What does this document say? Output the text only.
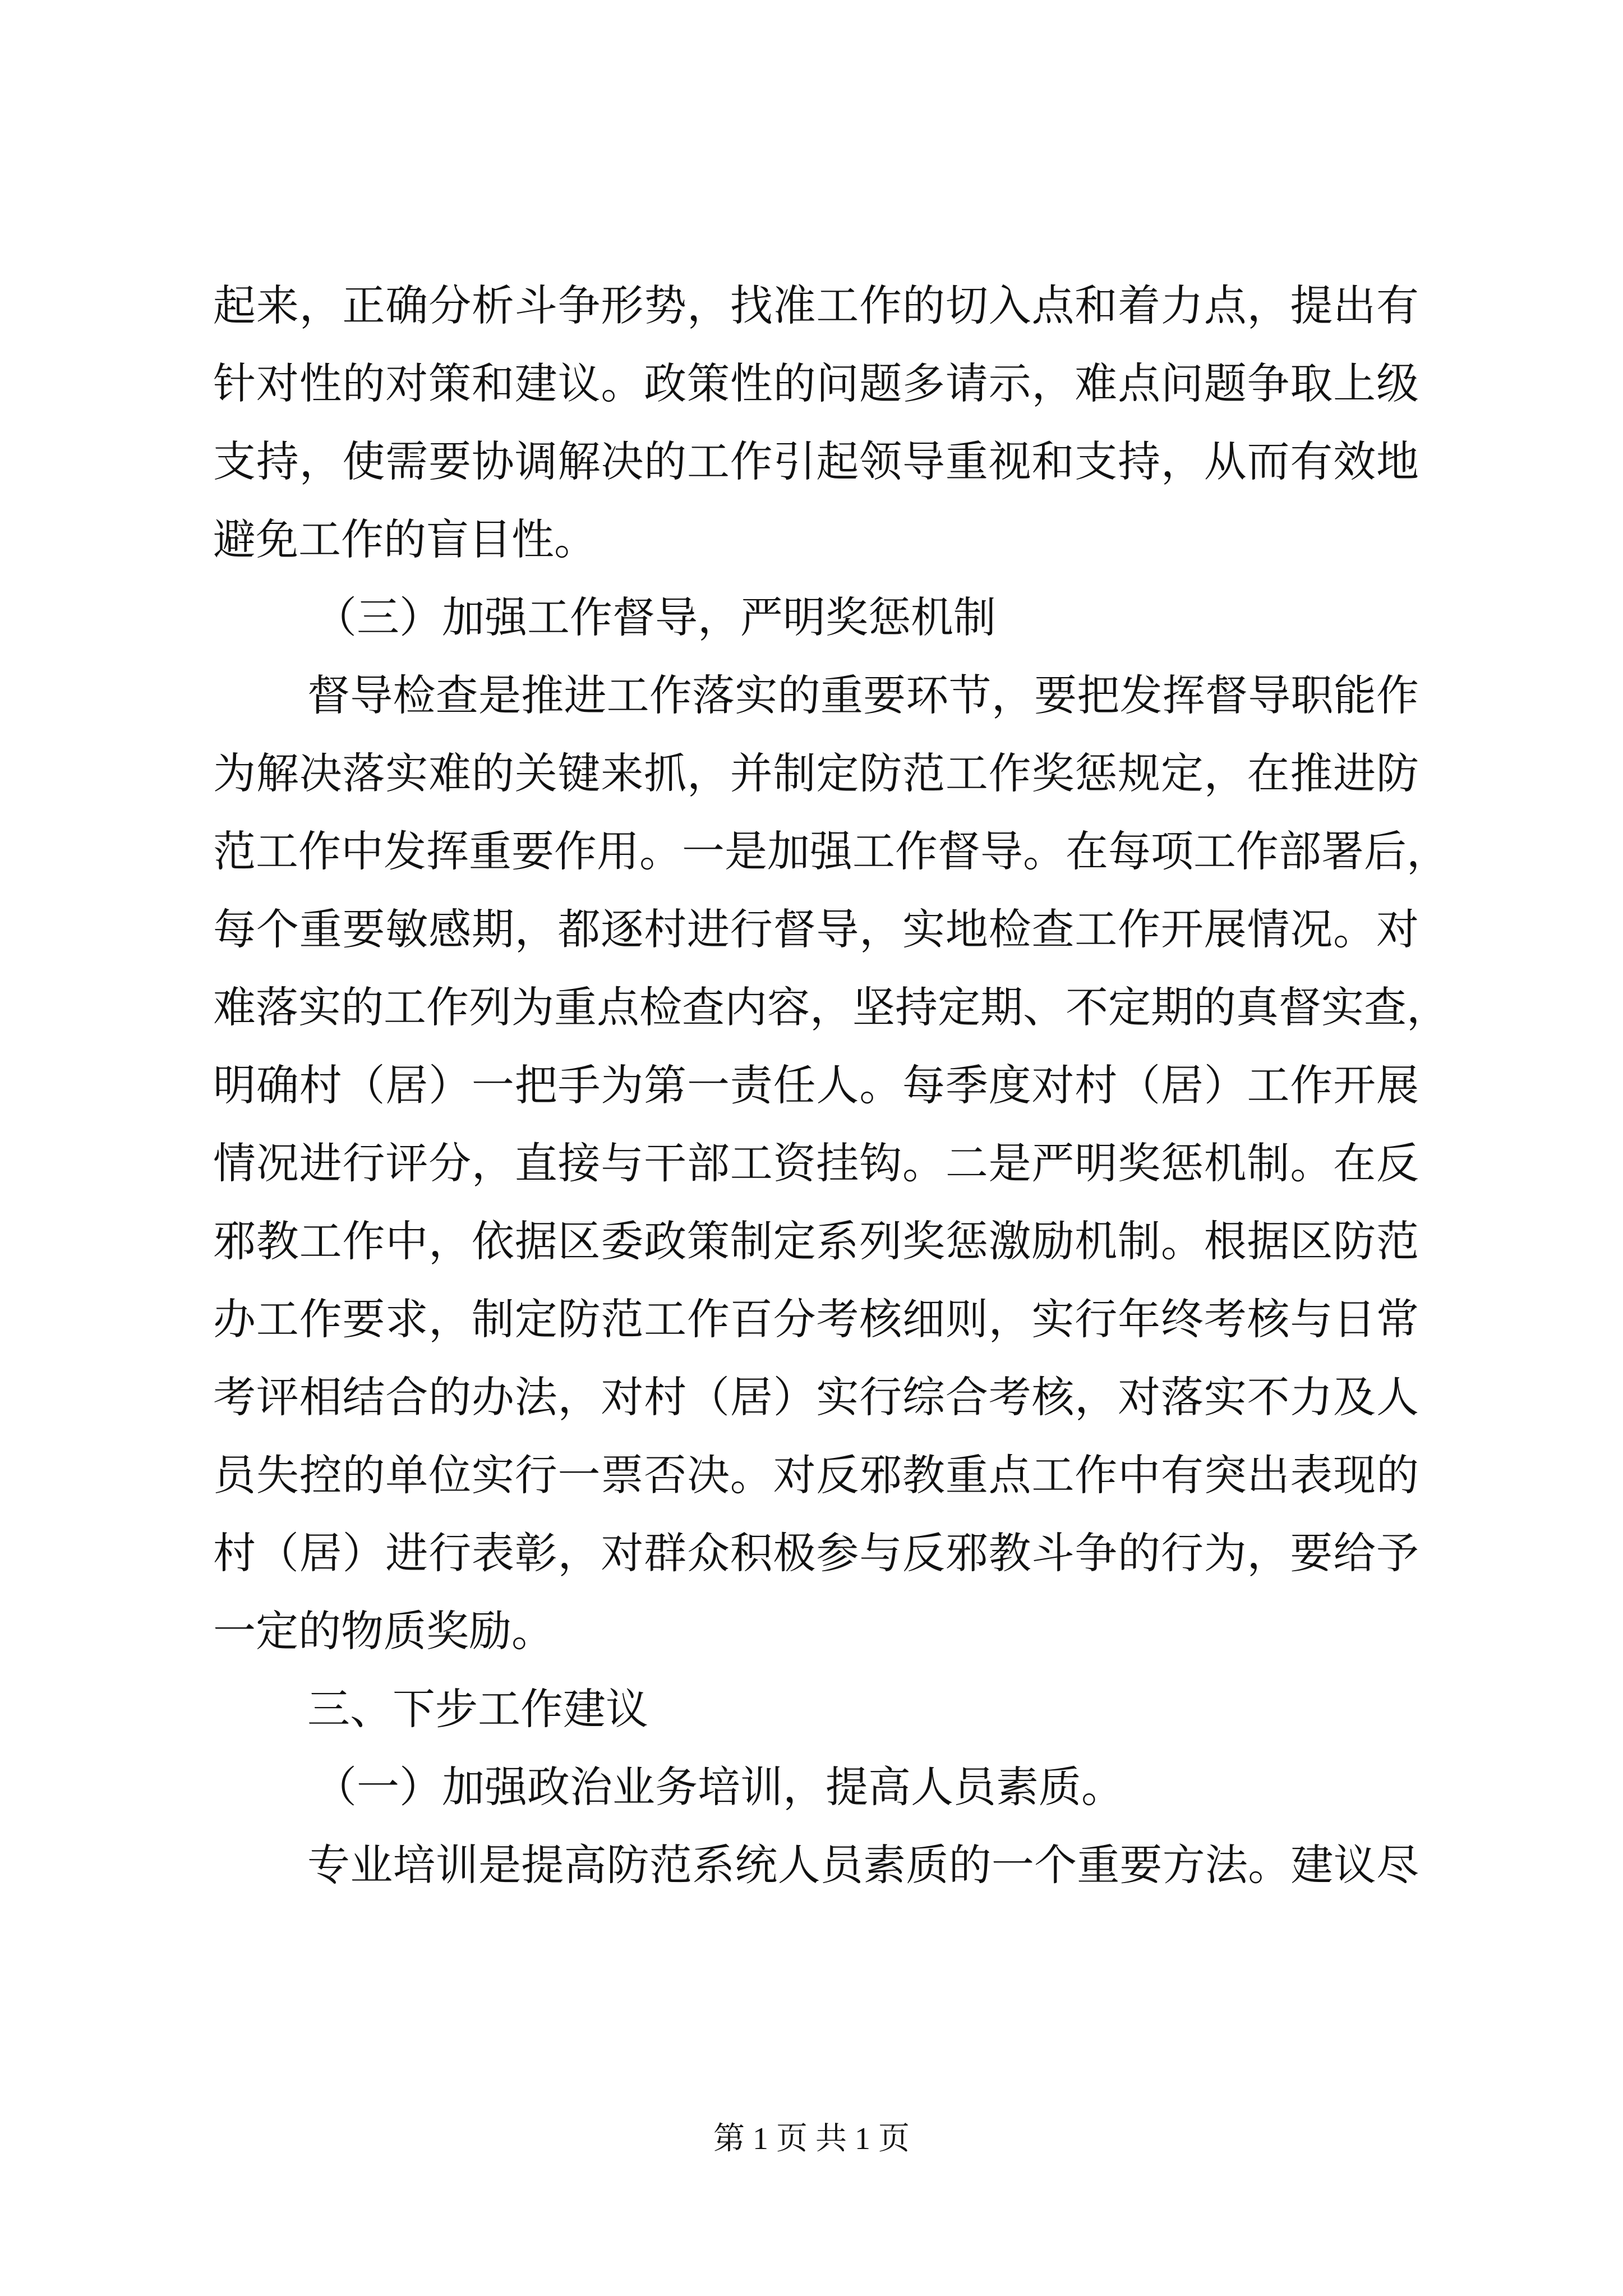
起来，正确分析斗争形势，找准工作的切入点和着力点，提出有
针对性的对策和建议。政策性的问题多请示，难点问题争取上级
支持，使需要协调解决的工作引起领导重视和支持，从而有效地
避免工作的盲目性。
（三）加强工作督导，严明奖惩机制
督导检查是推进工作落实的重要环节，要把发挥督导职能作
为解决落实难的关键来抓，并制定防范工作奖惩规定，在推进防
范工作中发挥重要作用。一是加强工作督导。在每项工作部署后，
每个重要敏感期，都逐村进行督导，实地检查工作开展情况。对
难落实的工作列为重点检查内容，坚持定期、不定期的真督实查，
明确村（居）一把手为第一责任人。每季度对村（居）工作开展
情况进行评分，直接与干部工资挂钩。二是严明奖惩机制。在反
邪教工作中，依据区委政策制定系列奖惩激励机制。根据区防范
办工作要求，制定防范工作百分考核细则，实行年终考核与日常
考评相结合的办法，对村（居）实行综合考核，对落实不力及人
员失控的单位实行一票否决。对反邪教重点工作中有突出表现的
村（居）进行表彰，对群众积极参与反邪教斗争的行为，要给予
一定的物质奖励。
三、下步工作建议
（一）加强政治业务培训，提高人员素质。
专业培训是提高防范系统人员素质的一个重要方法。建议尽
第 1 页 共 1 页
